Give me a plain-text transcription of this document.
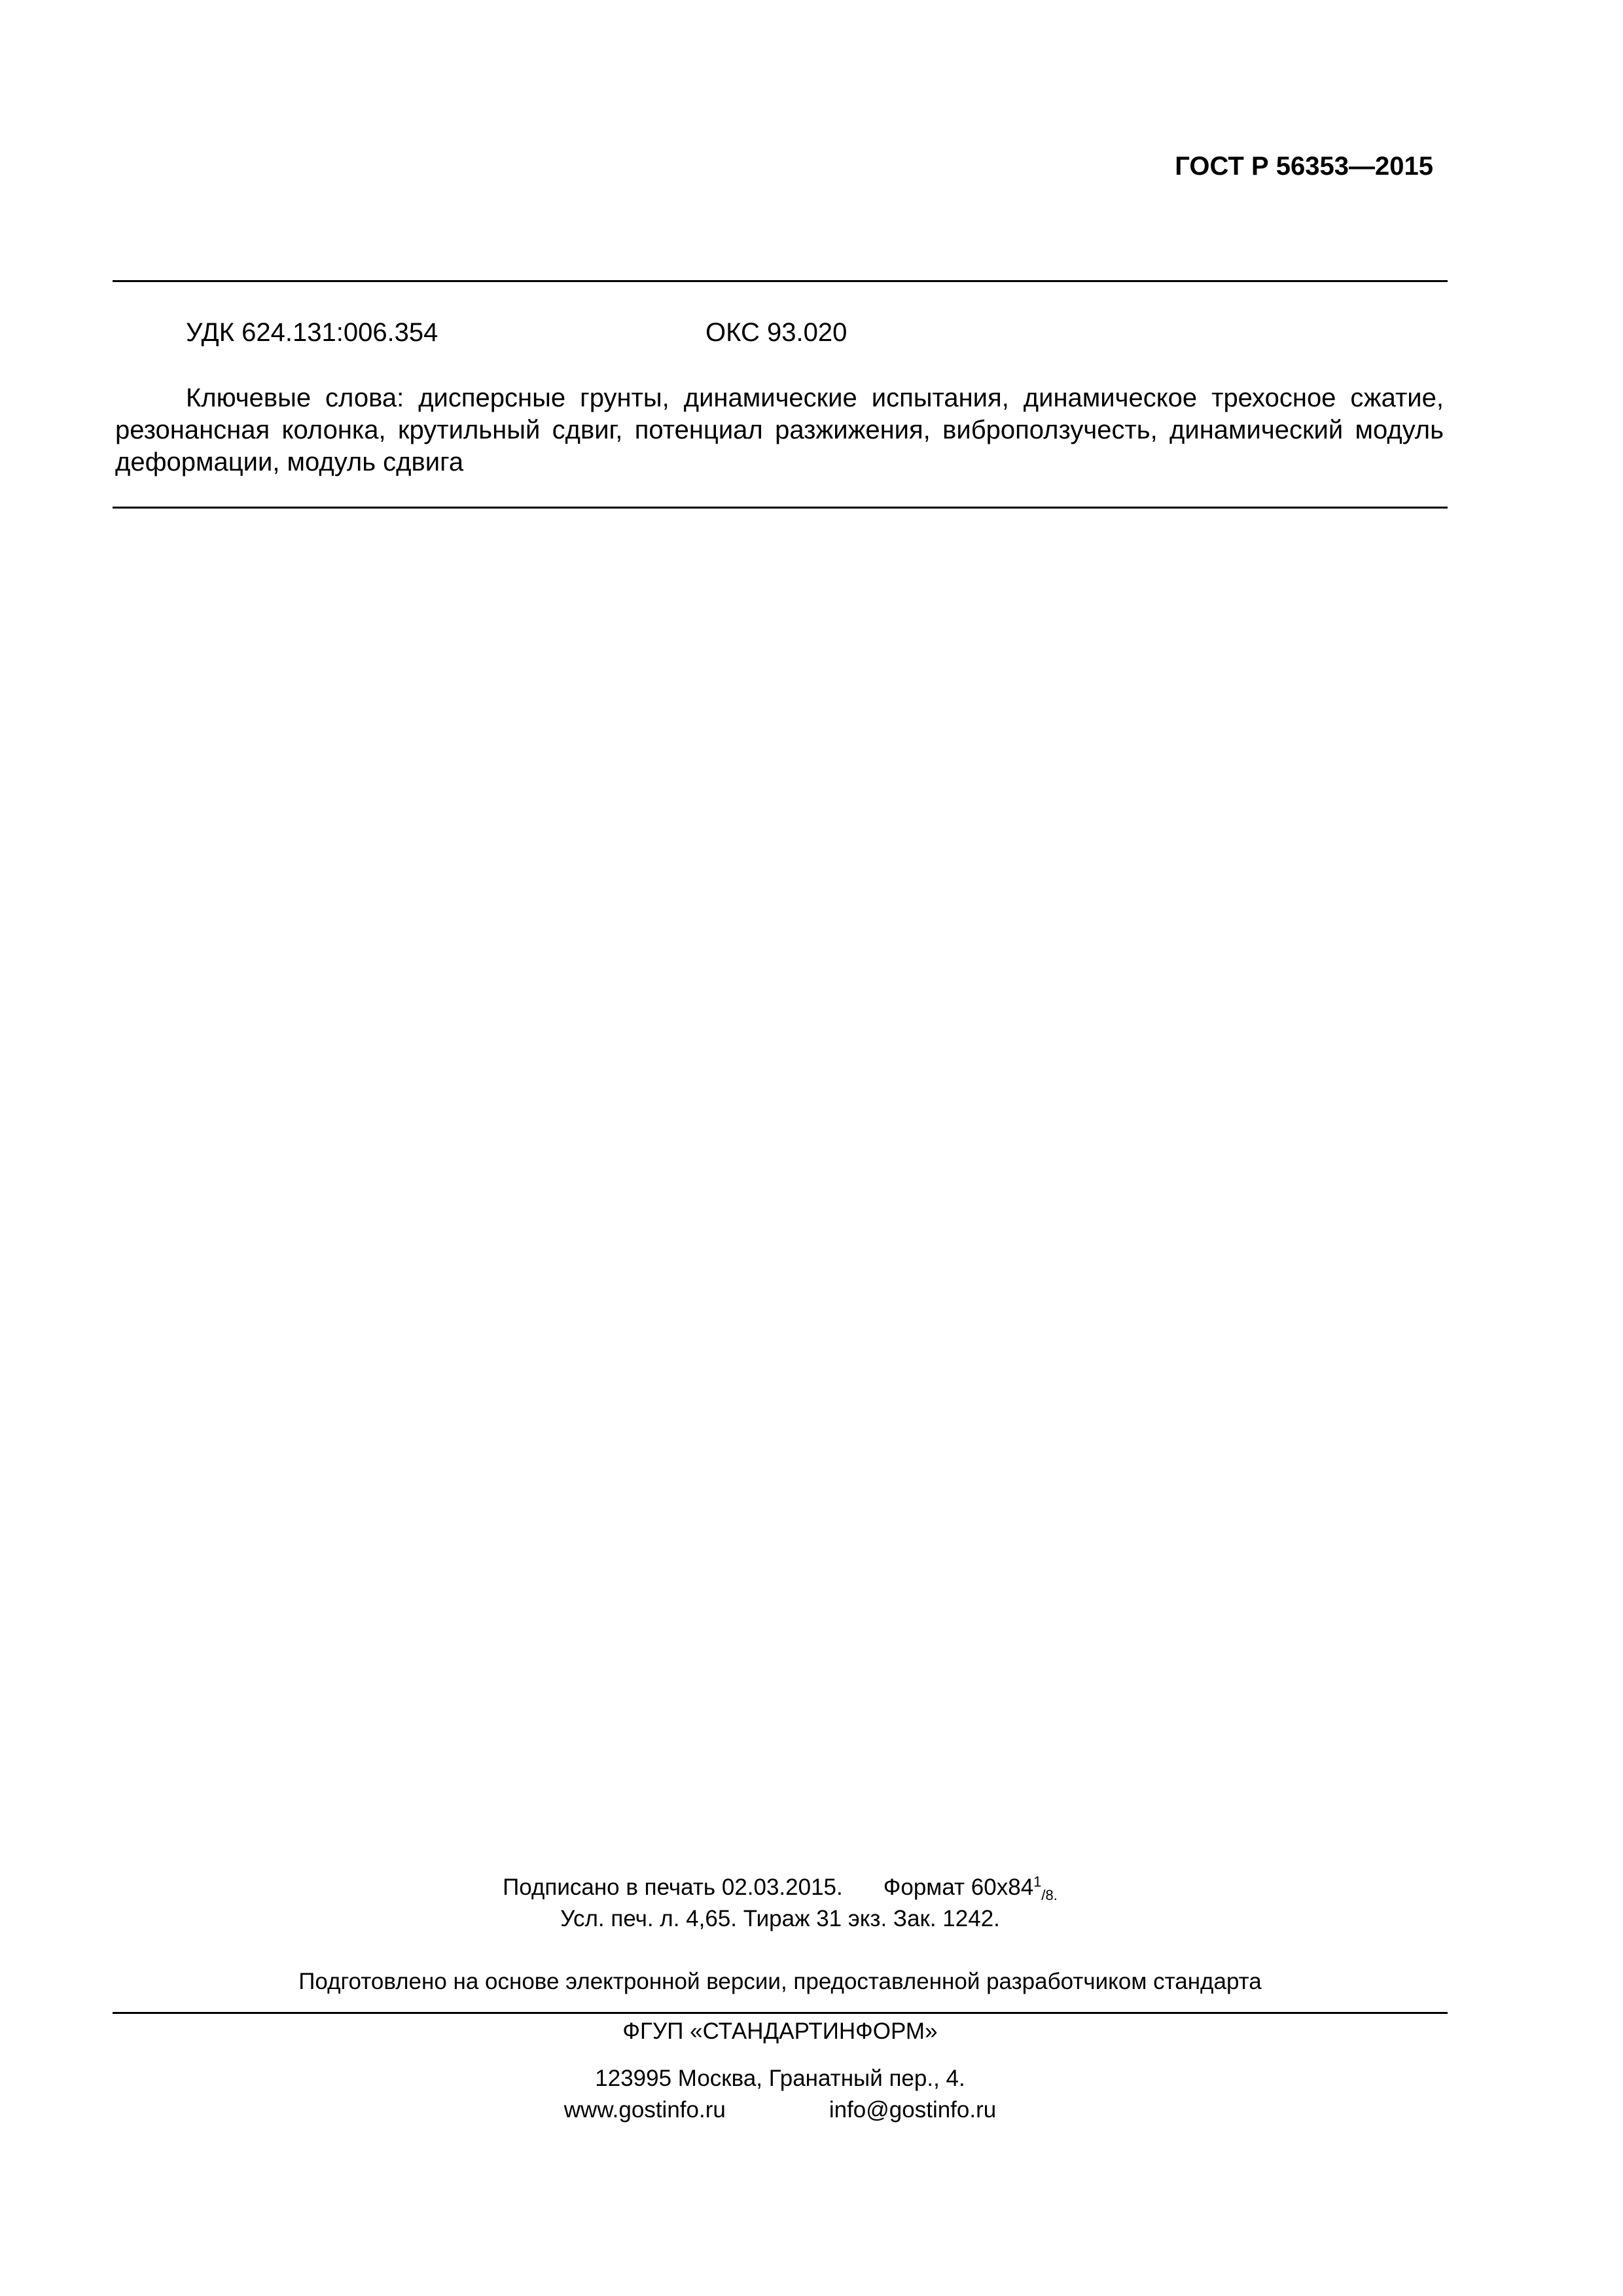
ГОСТ Р 56353—2015
УДК 624.131:006.354	ОКС 93.020
Ключевые слова: дисперсные грунты, динамические испытания, динамическое трехосное сжатие, резонансная колонка, крутильный сдвиг, потенциал разжижения, виброползучесть, динамический модуль деформации, модуль сдвига
Подписано в печать 02.03.2015. Формат $60x84^1_{/8.}$
Усл. печ. л. 4,65. Тираж 31 экз. Зак. 1242.
Подготовлено на основе электронной версии, предоставленной разработчиком стандарта
ФГУП «СТАНДАРТИНФОРМ»
123995 Москва, Гранатный пер., 4.
www.gostinfo.ru	info@gostinfo.ru
